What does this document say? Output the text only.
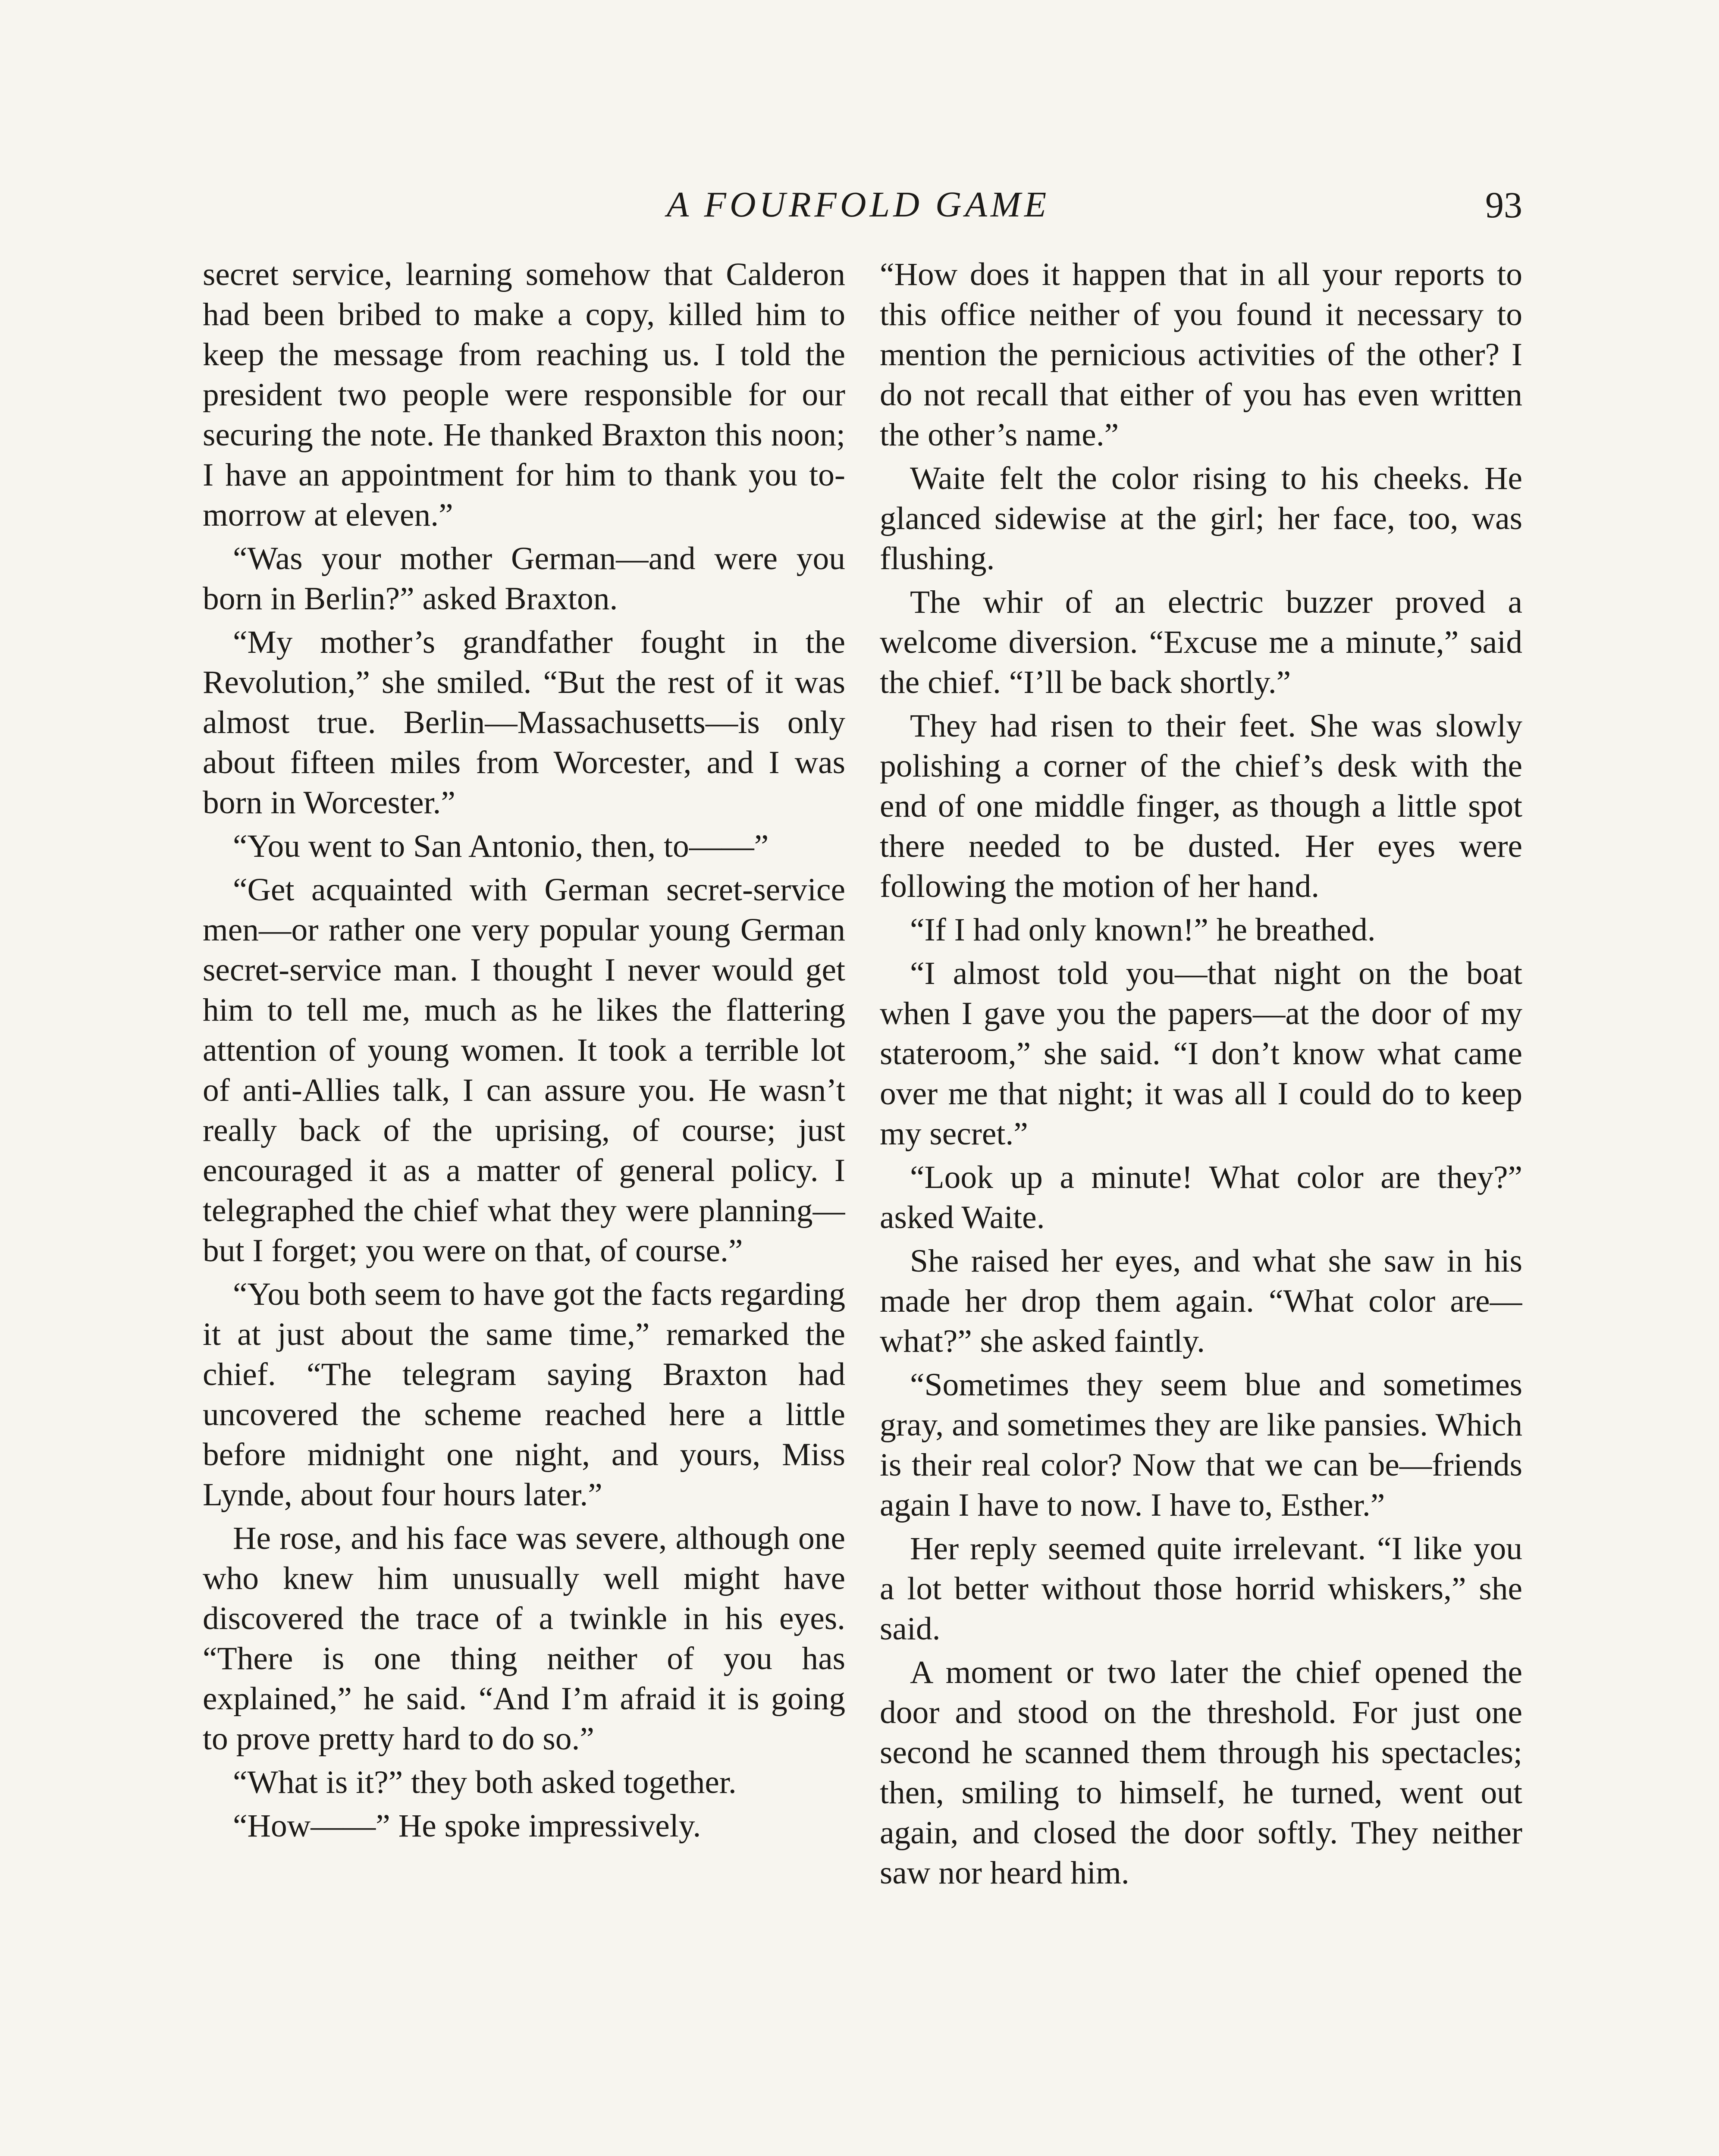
A FOURFOLD GAME	93

secret service, learning somehow that Calderon had been bribed to make a copy, killed him to keep the message from reaching us. I told the president two people were responsible for our securing the note. He thanked Braxton this noon; I have an appointment for him to thank you to-morrow at eleven.”

“Was your mother German—and were you born in Berlin?” asked Braxton.

“My mother’s grandfather fought in the Revolution,” she smiled. “But the rest of it was almost true. Berlin—Massachusetts—is only about fifteen miles from Worcester, and I was born in Worcester.”

“You went to San Antonio, then, to——”

“Get acquainted with German secret-service men—or rather one very popular young German secret-service man. I thought I never would get him to tell me, much as he likes the flattering attention of young women. It took a terrible lot of anti-Allies talk, I can assure you. He wasn’t really back of the uprising, of course; just encouraged it as a matter of general policy. I telegraphed the chief what they were planning—but I forget; you were on that, of course.”

“You both seem to have got the facts regarding it at just about the same time,” remarked the chief. “The telegram saying Braxton had uncovered the scheme reached here a little before midnight one night, and yours, Miss Lynde, about four hours later.”

He rose, and his face was severe, although one who knew him unusually well might have discovered the trace of a twinkle in his eyes. “There is one thing neither of you has explained,” he said. “And I’m afraid it is going to prove pretty hard to do so.”

“What is it?” they both asked together.

“How——” He spoke impressively.

“How does it happen that in all your reports to this office neither of you found it necessary to mention the pernicious activities of the other? I do not recall that either of you has even written the other’s name.”

Waite felt the color rising to his cheeks. He glanced sidewise at the girl; her face, too, was flushing.

The whir of an electric buzzer proved a welcome diversion. “Excuse me a minute,” said the chief. “I’ll be back shortly.”

They had risen to their feet. She was slowly polishing a corner of the chief’s desk with the end of one middle finger, as though a little spot there needed to be dusted. Her eyes were following the motion of her hand.

“If I had only known!” he breathed.

“I almost told you—that night on the boat when I gave you the papers—at the door of my stateroom,” she said. “I don’t know what came over me that night; it was all I could do to keep my secret.”

“Look up a minute! What color are they?” asked Waite.

She raised her eyes, and what she saw in his made her drop them again. “What color are—what?” she asked faintly.

“Sometimes they seem blue and sometimes gray, and sometimes they are like pansies. Which is their real color? Now that we can be—friends again I have to now. I have to, Esther.”

Her reply seemed quite irrelevant. “I like you a lot better without those horrid whiskers,” she said.

A moment or two later the chief opened the door and stood on the threshold. For just one second he scanned them through his spectacles; then, smiling to himself, he turned, went out again, and closed the door softly. They neither saw nor heard him.
